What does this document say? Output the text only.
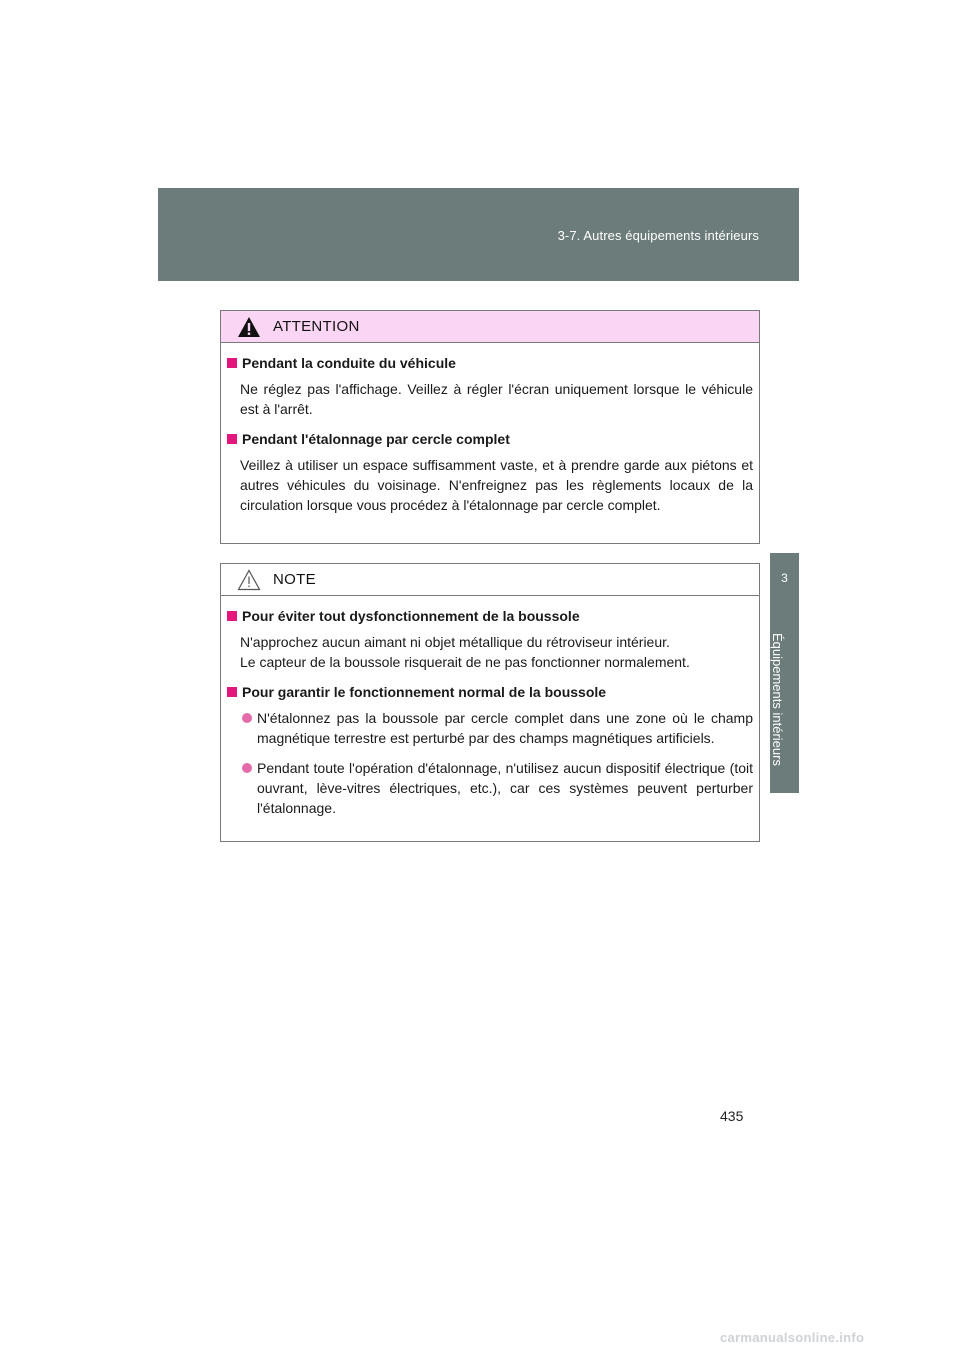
3-7. Autres équipements intérieurs
3
Équipements intérieurs
ATTENTION
Pendant la conduite du véhicule

Ne réglez pas l'affichage. Veillez à régler l'écran uniquement lorsque le véhicule est à l'arrêt.

Pendant l'étalonnage par cercle complet

Veillez à utiliser un espace suffisamment vaste, et à prendre garde aux piétons et autres véhicules du voisinage. N'enfreignez pas les règlements locaux de la circulation lorsque vous procédez à l'étalonnage par cercle complet.

NOTE
Pour éviter tout dysfonctionnement de la boussole

N'approchez aucun aimant ni objet métallique du rétroviseur intérieur.

Le capteur de la boussole risquerait de ne pas fonctionner normalement.

Pour garantir le fonctionnement normal de la boussole
N'étalonnez pas la boussole par cercle complet dans une zone où le champ magnétique terrestre est perturbé par des champs magnétiques artificiels.
Pendant toute l'opération d'étalonnage, n'utilisez aucun dispositif électrique (toit ouvrant, lève-vitres électriques, etc.), car ces systèmes peuvent perturber l'étalonnage.
435
carmanualsonline.info
